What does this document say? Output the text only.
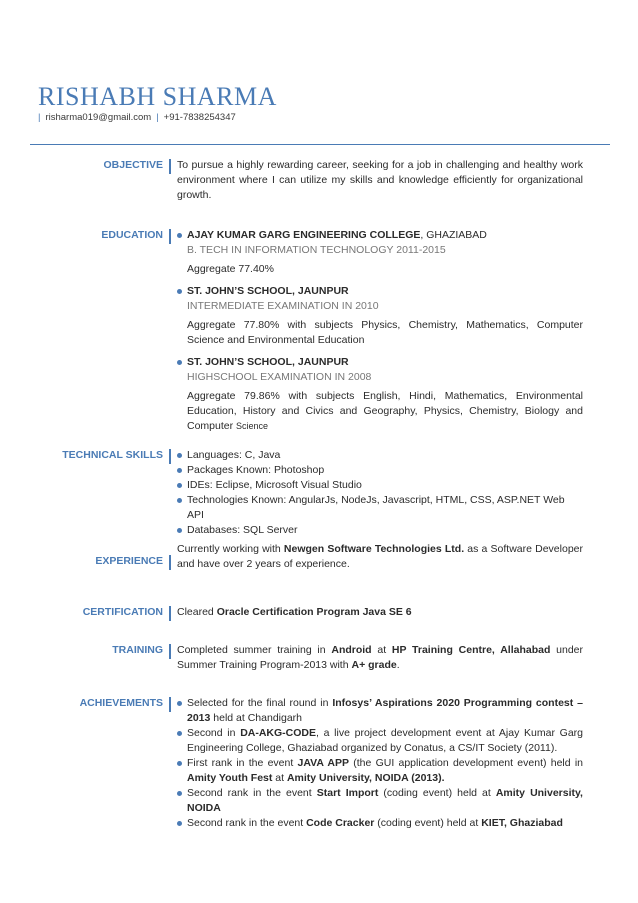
RISHABH SHARMA
| risharma019@gmail.com | +91-7838254347
OBJECTIVE To pursue a highly rewarding career, seeking for a job in challenging and healthy work environment where I can utilize my skills and knowledge efficiently for organizational growth.
EDUCATION	AJAY KUMAR GARG ENGINEERING COLLEGE, GHAZIABAD
B. TECH IN INFORMATION TECHNOLOGY 2011-2015

Aggregate 77.40%

ST. JOHN’S SCHOOL, JAUNPUR
INTERMEDIATE EXAMINATION IN 2010

Aggregate 77.80% with subjects Physics, Chemistry, Mathematics, Computer Science and Environmental Education

ST. JOHN’S SCHOOL, JAUNPUR
HIGHSCHOOL EXAMINATION IN 2008

Aggregate 79.86% with subjects English, Hindi, Mathematics, Environmental Education, History and Civics and Geography, Physics, Chemistry, Biology and Computer Science

TECHNICAL SKILLS	Languages: C, Java
Packages Known: Photoshop
IDEs: Eclipse, Microsoft Visual Studio
Technologies Known: AngularJs, NodeJs, Javascript, HTML, CSS, ASP.NET Web API
Databases: SQL Server
EXPERIENCE
Currently working with Newgen Software Technologies Ltd. as a Software Developer and have over 2 years of experience.
CERTIFICATION Cleared Oracle Certification Program Java SE 6
TRAINING Completed summer training in Android at HP Training Centre, Allahabad under Summer Training Program-2013 with A+ grade.
ACHIEVEMENTS	Selected for the final round in Infosys’ Aspirations 2020 Programming contest – 2013 held at Chandigarh
Second in DA-AKG-CODE, a live project development event at Ajay Kumar Garg Engineering College, Ghaziabad organized by Conatus, a CS/IT Society (2011).
First rank in the event JAVA APP (the GUI application development event) held in Amity Youth Fest at Amity University, NOIDA (2013).
Second rank in the event Start Import (coding event) held at Amity University, NOIDA
Second rank in the event Code Cracker (coding event) held at KIET, Ghaziabad
